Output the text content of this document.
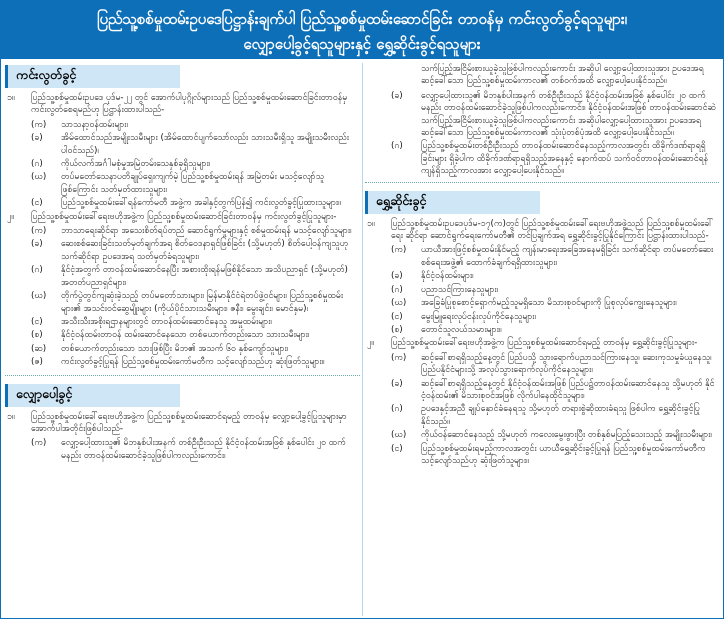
ပြည်သူ့စစ်မှုထမ်းဥပဒေပြဋ္ဌာန်းချက်ပါ ပြည်သူ့စစ်မှုထမ်းဆောင်ခြင်း တာဝန်မှ ကင်းလွတ်ခွင့်ရသူများ၊
လျှော့ပေါ့ခွင့်ရသူများနှင့် ရွှေ့ဆိုင်းခွင့်ရသူများ
ကင်းလွတ်ခွင့်
၁။	ပြည်သူ့စစ်မှုထမ်းဥပဒေ ပုဒ်မ-၂၂ တွင် အောက်ပါပုဂ္ဂိုလ်များသည် ပြည်သူ့စစ်မှုထမ်းဆောင်ခြင်းတာဝန်မှ ကင်းလွတ်စေရမည်ဟု ပြဋ္ဌာန်းထားပါသည်-
(က)	သာသနာ့ဝန်ထမ်းများ၊
(ခ)	အိမ်ထောင်သည်အမျိုးသမီးများ (အိမ်ထောင်ပျက်သော်လည်း သားသမီးရှိသူ အမျိုးသမီးလည်း ပါဝင်သည်)၊
(ဂ)	ကိုယ်လက်အင်္ဂါမစုံမှုအမြဲတမ်းသေနှစ်ခုရှိသူများ၊
(ဃ)	တပ်မတော်သေနာပတိချုပ်ရှေးကျက်မဲ့ ပြည်သူ့စစ်မှုထမ်းရန် အမြဲတမ်း မသင့်လျော်သူဖြစ်ကြောင်း သတ်မှတ်ထားသူများ၊
(င)	ပြည်သူ့စစ်မှုထမ်းခေါ်ရန်ကော်မတီ အဖွဲ့က အခါနှင့်တွက်ပြန်၍ ကင်းလွတ်ခွင့်ပြုထားသူများ။
၂။	ပြည်သူ့စစ်မှုထမ်းခေါ်ရေးဗဟိုအဖွဲ့က ပြည်သူ့စစ်မှုထမ်းဆောင်ခြင်းတာဝန်မှ ကင်းလွတ်ခွင့်ပြုသူများ-
(က)	ဘာသာရေးဆိုင်ရာ အသေးစိတ်ရပ်တည် ဆောင်ရွက်မှုများနှင့် စစ်မှုထမ်းရန် မသင့်လျော်သူများ၊
(ခ)	ဆေးစစ်ဆေးခြင်းသတ်မှတ်ချက်အရ စိတ်ဝေဒနာရှင်ဖြစ်ခြင်း (သို့မဟုတ်) စိတ်ပေါ့ဝန်ကျသူဟု သက်ဆိုင်ရာ ဥပဒေအရ သတ်မှတ်ခံရသူများ၊
(ဂ)	နိုင်ငံ့အတွက် တာဝန်ထမ်းဆောင်နေပြီး အစားထိုးရန်မဖြစ်နိုင်သော အသိပညာရှင် (သို့မဟုတ်) အတတ်ပညာရှင်များ၊
(ဃ)	တိုက်ပွဲတွင်ကျဆုံးခဲ့သည့် တပ်မတော်သားများ၊ မြန်မာနိုင်ငံရဲတပ်ဖွဲ့ဝင်များ၊ ပြည်သူ့စစ်မှုထမ်းများ၏ အသင်းဝင်ဆွေမျိုးများ (ကိုယ်ပိုင်သားသမီးများ၊ ဇနီး၊ မွေးချင်း၊ မောင်နှမ)၊
(င)	အသီးသီးအစိုးရဌာနများတွင် တာဝန်ထမ်းဆောင်နေသူ အမှုထမ်းများ၊
(စ)	နိုင်ငံ့ဝန်ထမ်းတာဝန် ထမ်းဆောင်နေသော တစ်ယောက်တည်းသော သားသမီးများ၊
(ဆ)	တစ်ယောက်တည်းသော သားဖြစ်ပြီး မိဘ၏ အသက် ၆၀ နှစ်ကျော်သူများ၊
(ဇ)	ကင်းလွတ်ခွင့်ပြုရန် ပြည်သူ့စစ်မှုထမ်းကော်မတီက သင့်လျော်သည်ဟု ဆုံးဖြတ်သူများ။
လျှော့ပေါ့ခွင့်
၁။	ပြည်သူ့စစ်မှုထမ်းခေါ်ရေးဗဟိုအဖွဲ့က ပြည်သူ့စစ်မှုထမ်းဆောင်ရမည့် တာဝန်မှ လျှော့ပေါ့ခွင့်ပြုသူများမှာ အောက်ပါအတိုင်းဖြစ်ပါသည်-
(က)	လျှော့ပေါ့ထားသူ၏ မိဘနှစ်ပါးအနက် တစ်ဦးဦးသည် နိုင်ငံ့ဝန်ထမ်းအဖြစ် နှစ်ပေါင်း ၂၀ ထက်မနည်း တာဝန်ထမ်းဆောင်ခဲ့သူဖြစ်ပါကလည်းကောင်း၊
သက်ပြည့်အငြိမ်းစားယူခဲ့သူဖြစ်ပါကလည်းကောင်း အဆိုပါ လျှော့ပေါ့ထားသူအား ဥပဒေအရ ဆင့်ခေါ်သော ပြည်သူ့စစ်မှုထမ်းကာလ၏ တစ်ဝက်အထိ လျှော့ပေါ့ပေးနိုင်သည်။
(ခ)	လျှော့ပေါ့ထားသူ၏ မိဘနှစ်ပါးအနက် တစ်ဦးဦးသည် နိုင်ငံ့ဝန်ထမ်းအဖြစ် နှစ်ပေါင်း ၂၀ ထက်မနည်း တာဝန်ထမ်းဆောင်ခဲ့သူဖြစ်ပါကလည်းကောင်း၊ နိုင်ငံ့ဝန်ထမ်းအဖြစ် တာဝန်ထမ်းဆောင်ဆဲ သက်ပြည့်အငြိမ်းစားယူခဲ့သူဖြစ်ပါကလည်းကောင်း အဆိုပါလျှော့ပေါ့ထားသူအား ဥပဒေအရ ဆင့်ခေါ်သော ပြည်သူ့စစ်မှုထမ်းကာလ၏ သုံးပုံတစ်ပုံအထိ လျှော့ပေါ့ပေးနိုင်သည်။
(ဂ)	ပြည်သူ့စစ်မှုထမ်းတစ်ဦးဦးသည် တာဝန်ထမ်းဆောင်နေသည့်ကာလအတွင်း ထိခိုက်ဒဏ်ရာရရှိခြင်းများ ရှိခဲ့ပါက ထိခိုက်ဒဏ်ရာရရှိသည့်အနေနှင့် နောက်ထပ် သက်ဝင်တာဝန်ထမ်းဆောင်ရန် ကျန်ရှိသည့်ကာလအား လျှော့ပေါ့ပေးနိုင်သည်။
ရွှေ့ဆိုင်းခွင့်
၁။	ပြည်သူ့စစ်မှုထမ်းဥပဒေပုဒ်မ-၁၇(က)တွင် ပြည်သူ့စစ်မှုထမ်းခေါ်ရေးဗဟိုအဖွဲ့သည် ပြည်သူ့စစ်မှုထမ်းခေါ်ရေး ဆိုင်ရာ ဆောင်ရွက်ရေးကော်မတီ၏ တင်ပြချက်အရ ရွှေ့ဆိုင်းခွင့်ပြုနိုင်ကြောင်း ပြဋ္ဌာန်းထားပါသည်-
(က)	ယာယီအားဖြင့်စစ်မှုထမ်းနိုင်မည့် ကျန်းမာရေးအခြေအနေမရှိခြင်း သက်ဆိုင်ရာ တပ်မတော်ဆေးစစ်ရေးအဖွဲ့၏ ထောက်ခံချက်ရရှိထားသူများ၊
(ခ)	နိုင်ငံ့ဝန်ထမ်းများ၊
(ဂ)	ပညာသင်ကြားနေသူများ၊
(ဃ)	အခြေခံပြုစုစောင့်ရှောက်မည့်သူမရှိသော မိသားစုဝင်များကို ပြုစုလုပ်ကျွေးနေသူများ၊
(င)	မွေးမြူရေးလုပ်ငန်းလုပ်ကိုင်နေသူများ၊
(စ)	တောင်သူလယ်သမားများ။
၂။	ပြည်သူ့စစ်မှုထမ်းခေါ်ရေးဗဟိုအဖွဲ့က ပြည်သူ့စစ်မှုထမ်းဆောင်ရမည့် တာဝန်မှ ရွှေ့ဆိုင်းခွင့်ပြုသူများ-
(က)	ဆင့်ခေါ်စာရရှိသည့်နေ့တွင် ပြည်ပသို့ သွားရောက်ပညာသင်ကြားနေသူ၊ ဆေးကုသမှုခံယူနေသူ၊ ပြည်ပနိုင်ငံများသို့ အလုပ်သွားရောက်လုပ်ကိုင်နေသူများ၊
(ခ)	ဆင့်ခေါ်စာရရှိသည့်နေ့တွင် နိုင်ငံ့ဝန်ထမ်းအဖြစ် ပြည်ပ၌တာဝန်ထမ်းဆောင်နေသူ သို့မဟုတ် နိုင်ငံ့ဝန်ထမ်း၏ မိသားစုဝင်အဖြစ် လိုက်ပါနေထိုင်သူများ၊
(ဂ)	ဥပဒေနှင့်အညီ ချုပ်နှောင်ခံနေရသူ သို့မဟုတ် တရားစွဲဆိုထားခံရသူ ဖြစ်ပါက ရွှေ့ဆိုင်းခွင့်ပြုနိုင်သည်။
(ဃ)	ကိုယ်ဝန်ဆောင်နေသည့် သို့မဟုတ် ကလေးမွေးဖွားပြီး တစ်နှစ်မပြည့်သေးသည့် အမျိုးသမီးများ၊
(င)	ပြည်သူ့စစ်မှုထမ်းရမည့်ကာလအတွင်း ယာယီရွှေ့ဆိုင်းခွင့်ပြုရန် ပြည်သူ့စစ်မှုထမ်းကော်မတီက သင့်လျော်သည်ဟု ဆုံးဖြတ်သူများ။
